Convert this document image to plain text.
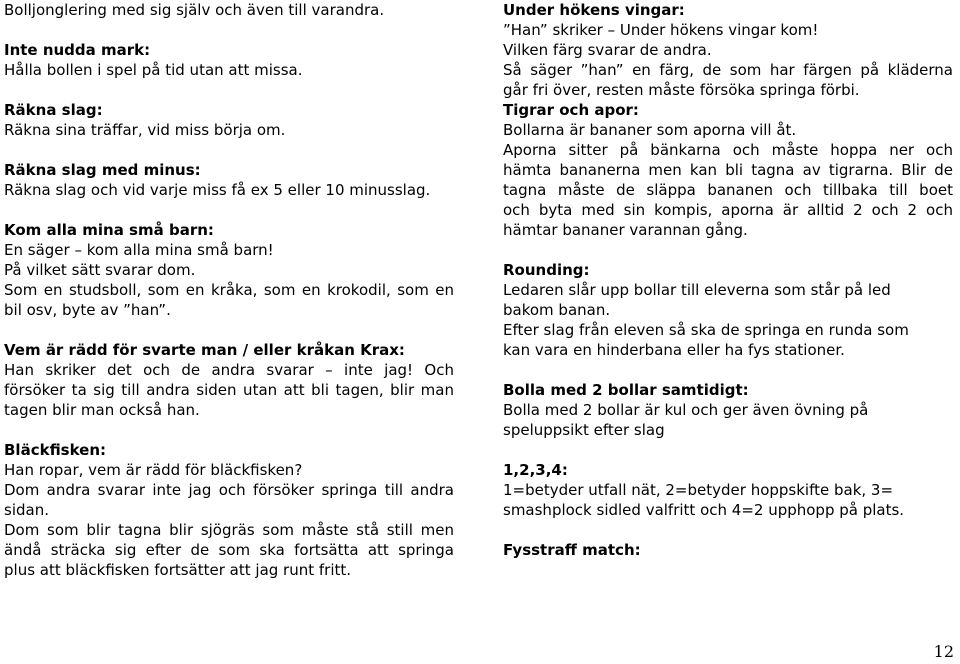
Bolljonglering med sig själv och även till varandra.
Inte nudda mark:
Hålla bollen i spel på tid utan att missa.
Räkna slag:
Räkna sina träffar, vid miss börja om.
Räkna slag med minus:
Räkna slag och vid varje miss få ex 5 eller 10 minusslag.
Kom alla mina små barn:
En säger – kom alla mina små barn!
På vilket sätt svarar dom.
Som en studsboll, som en kråka, som en krokodil, som en
bil osv, byte av ”han”.
Vem är rädd för svarte man / eller kråkan Krax:
Han skriker det och de andra svarar – inte jag! Och
försöker ta sig till andra siden utan att bli tagen, blir man
tagen blir man också han.
Bläckfisken:
Han ropar, vem är rädd för bläckfisken?
Dom andra svarar inte jag och försöker springa till andra
sidan.
Dom som blir tagna blir sjögräs som måste stå still men
ändå sträcka sig efter de som ska fortsätta att springa
plus att bläckfisken fortsätter att jag runt fritt.
Under hökens vingar:
”Han” skriker – Under hökens vingar kom!
Vilken färg svarar de andra.
Så säger ”han” en färg, de som har färgen på kläderna
går fri över, resten måste försöka springa förbi.
Tigrar och apor:
Bollarna är bananer som aporna vill åt.
Aporna sitter på bänkarna och måste hoppa ner och
hämta bananerna men kan bli tagna av tigrarna. Blir de
tagna måste de släppa bananen och tillbaka till boet
och byta med sin kompis, aporna är alltid 2 och 2 och
hämtar bananer varannan gång.
Rounding:
Ledaren slår upp bollar till eleverna som står på led
bakom banan.
Efter slag från eleven så ska de springa en runda som
kan vara en hinderbana eller ha fys stationer.
Bolla med 2 bollar samtidigt:
Bolla med 2 bollar är kul och ger även övning på
speluppsikt efter slag
1,2,3,4:
1=betyder utfall nät, 2=betyder hoppskifte bak, 3=
smashplock sidled valfritt och 4=2 upphopp på plats.
Fysstraff match:
12
